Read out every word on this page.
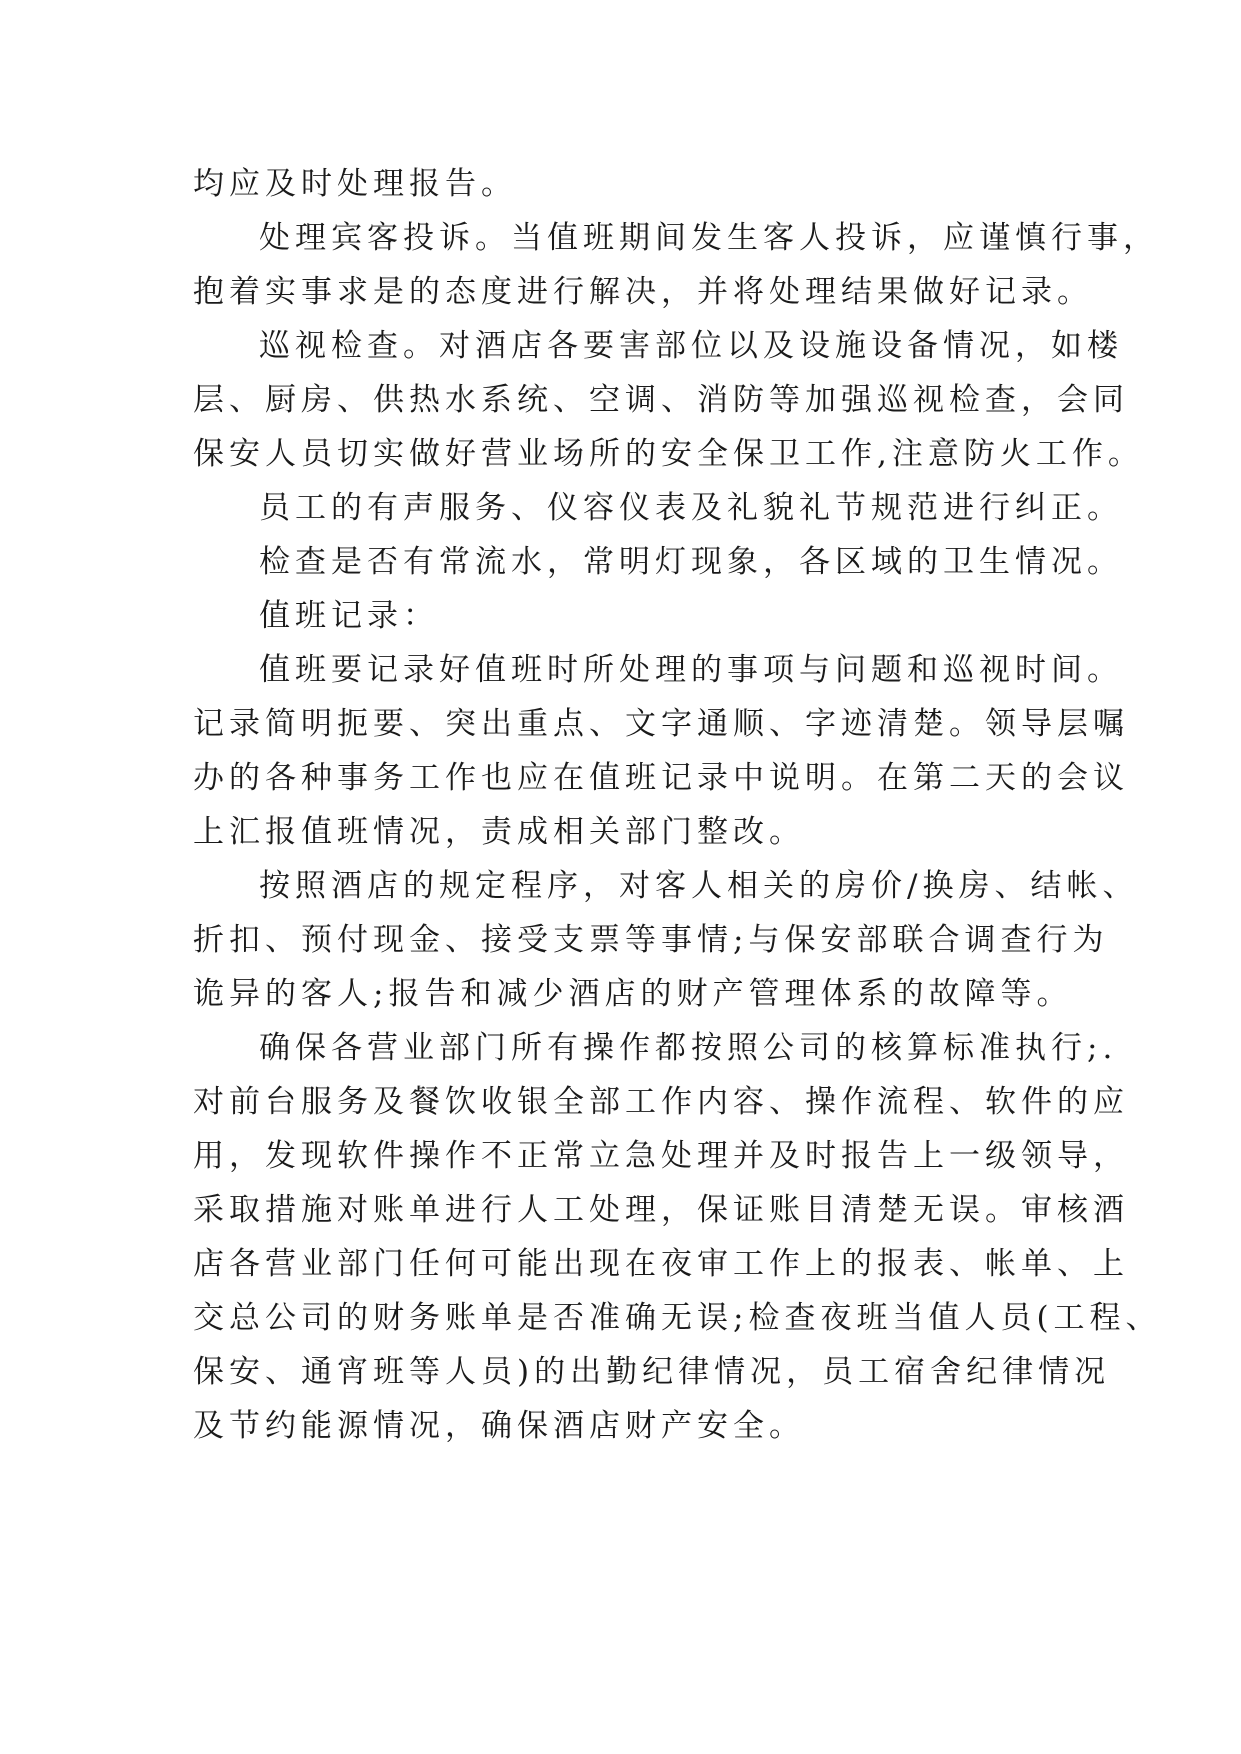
均应及时处理报告。
处理宾客投诉。当值班期间发生客人投诉，应谨慎行事，
抱着实事求是的态度进行解决，并将处理结果做好记录。
巡视检查。对酒店各要害部位以及设施设备情况，如楼
层、厨房、供热水系统、空调、消防等加强巡视检查，会同
保安人员切实做好营业场所的安全保卫工作,注意防火工作。
员工的有声服务、仪容仪表及礼貌礼节规范进行纠正。
检查是否有常流水，常明灯现象，各区域的卫生情况。
值班记录：
值班要记录好值班时所处理的事项与问题和巡视时间。
记录简明扼要、突出重点、文字通顺、字迹清楚。领导层嘱
办的各种事务工作也应在值班记录中说明。在第二天的会议
上汇报值班情况，责成相关部门整改。
按照酒店的规定程序，对客人相关的房价/换房、结帐、
折扣、预付现金、接受支票等事情;与保安部联合调查行为
诡异的客人;报告和减少酒店的财产管理体系的故障等。
确保各营业部门所有操作都按照公司的核算标准执行;.
对前台服务及餐饮收银全部工作内容、操作流程、软件的应
用，发现软件操作不正常立急处理并及时报告上一级领导，
采取措施对账单进行人工处理，保证账目清楚无误。审核酒
店各营业部门任何可能出现在夜审工作上的报表、帐单、上
交总公司的财务账单是否准确无误;检查夜班当值人员(工程、
保安、通宵班等人员)的出勤纪律情况，员工宿舍纪律情况
及节约能源情况，确保酒店财产安全。
